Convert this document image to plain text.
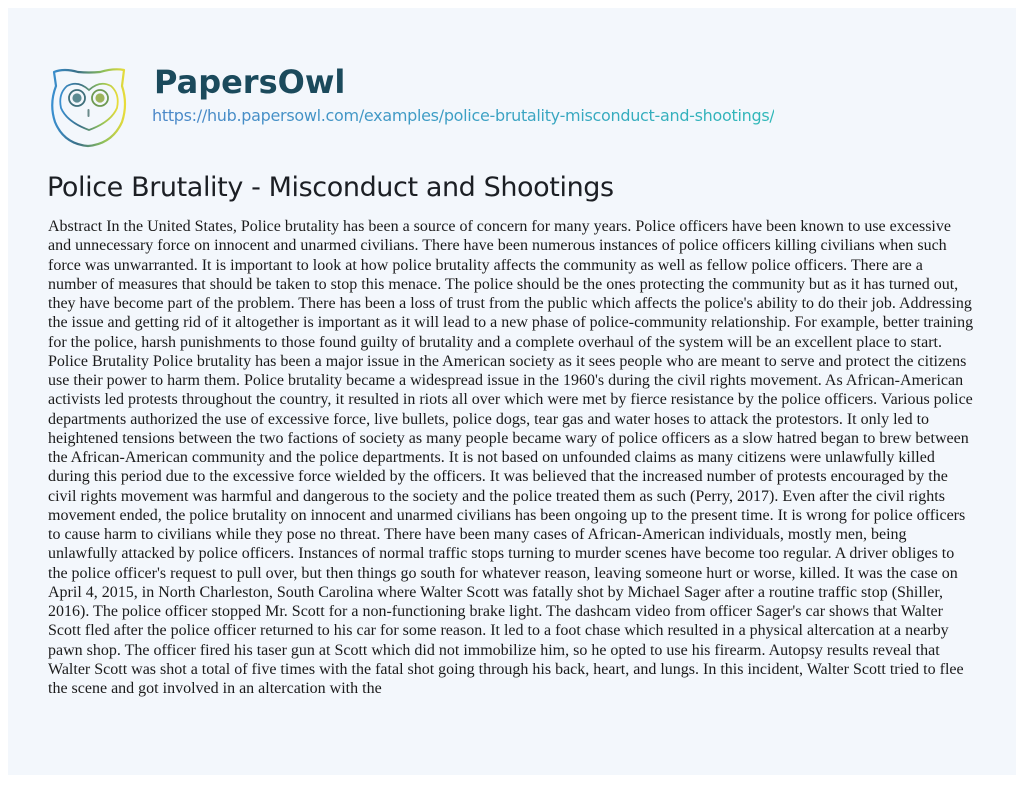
PapersOwl
https://hub.papersowl.com/examples/police-brutality-misconduct-and-shootings/
Police Brutality - Misconduct and Shootings
Abstract In the United States, Police brutality has been a source of concern for many years. Police officers have been known to use excessive
and unnecessary force on innocent and unarmed civilians. There have been numerous instances of police officers killing civilians when such
force was unwarranted. It is important to look at how police brutality affects the community as well as fellow police officers. There are a
number of measures that should be taken to stop this menace. The police should be the ones protecting the community but as it has turned out,
they have become part of the problem. There has been a loss of trust from the public which affects the police's ability to do their job. Addressing
the issue and getting rid of it altogether is important as it will lead to a new phase of police-community relationship. For example, better training
for the police, harsh punishments to those found guilty of brutality and a complete overhaul of the system will be an excellent place to start.
Police Brutality Police brutality has been a major issue in the American society as it sees people who are meant to serve and protect the citizens
use their power to harm them. Police brutality became a widespread issue in the 1960's during the civil rights movement. As African-American
activists led protests throughout the country, it resulted in riots all over which were met by fierce resistance by the police officers. Various police
departments authorized the use of excessive force, live bullets, police dogs, tear gas and water hoses to attack the protestors. It only led to
heightened tensions between the two factions of society as many people became wary of police officers as a slow hatred began to brew between
the African-American community and the police departments. It is not based on unfounded claims as many citizens were unlawfully killed
during this period due to the excessive force wielded by the officers. It was believed that the increased number of protests encouraged by the
civil rights movement was harmful and dangerous to the society and the police treated them as such (Perry, 2017). Even after the civil rights
movement ended, the police brutality on innocent and unarmed civilians has been ongoing up to the present time. It is wrong for police officers
to cause harm to civilians while they pose no threat. There have been many cases of African-American individuals, mostly men, being
unlawfully attacked by police officers. Instances of normal traffic stops turning to murder scenes have become too regular. A driver obliges to
the police officer's request to pull over, but then things go south for whatever reason, leaving someone hurt or worse, killed. It was the case on
April 4, 2015, in North Charleston, South Carolina where Walter Scott was fatally shot by Michael Sager after a routine traffic stop (Shiller,
2016). The police officer stopped Mr. Scott for a non-functioning brake light. The dashcam video from officer Sager's car shows that Walter
Scott fled after the police officer returned to his car for some reason. It led to a foot chase which resulted in a physical altercation at a nearby
pawn shop. The officer fired his taser gun at Scott which did not immobilize him, so he opted to use his firearm. Autopsy results reveal that
Walter Scott was shot a total of five times with the fatal shot going through his back, heart, and lungs. In this incident, Walter Scott tried to flee
the scene and got involved in an altercation with the
